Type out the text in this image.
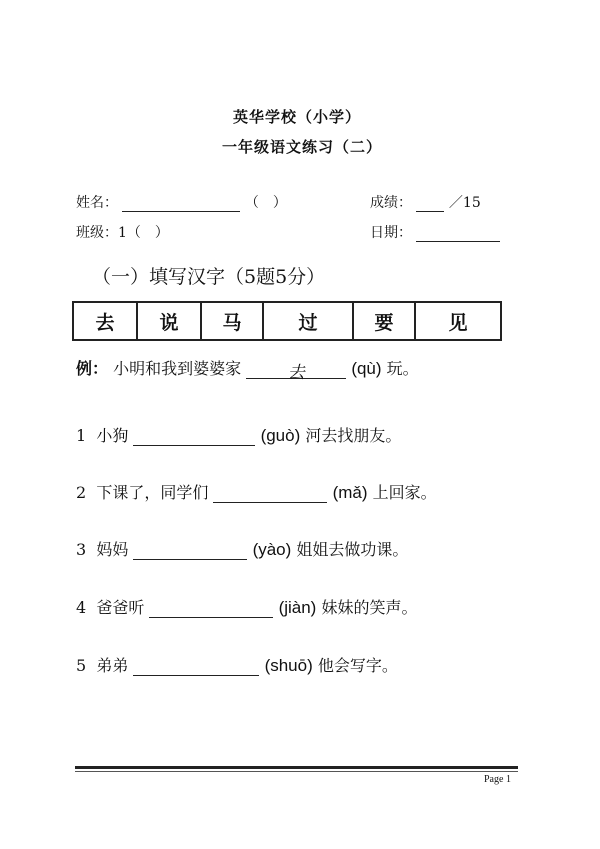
英华学校（小学）
一年级语文练习（二）
姓名：	（　）	成绩：	／15
班级：1（　）	日期：
（一）填写汉字（5题5分）
去	说	马	过	要	见
例： 小明和我到婆婆家	去	(qù) 玩。
1 小狗	(guò) 河去找朋友。
2 下课了，同学们	(mǎ) 上回家。
3 妈妈	(yào) 姐姐去做功课。
4 爸爸听	(jiàn) 妹妹的笑声。
5 弟弟	(shuō) 他会写字。
Page 1
